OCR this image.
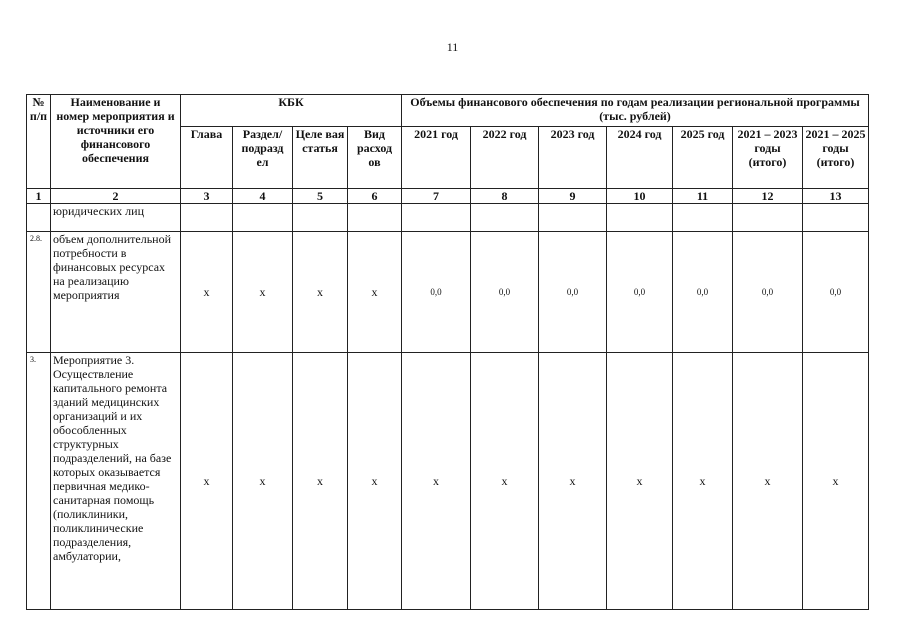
11
№ п/п	Наименование и номер мероприятия и источники его финансового обеспечения	КБК				Объемы финансового обеспечения по годам реализации региональной программы (тыс. рублей)						
		Глава	Раздел/ подразд ел	Целе вая статья	Вид расход ов	2021 год	2022 год	2023 год	2024 год	2025 год	2021 – 2023 годы (итого)	2021 – 2025 годы (итого)
1	2	3	4	5	6	7	8	9	10	11	12	13
	юридических лиц											
2.8.	объем дополнительной потребности в финансовых ресурсах на реализацию мероприятия	x	x	x	x	0,0	0,0	0,0	0,0	0,0	0,0	0,0
3.	Мероприятие 3. Осуществление капитального ремонта зданий медицинских организаций и их обособленных структурных подразделений, на базе которых оказывается первичная медико-санитарная помощь (поликлиники, поликлинические подразделения, амбулатории,	x	x	x	x	x	x	x	x	x	x	x
